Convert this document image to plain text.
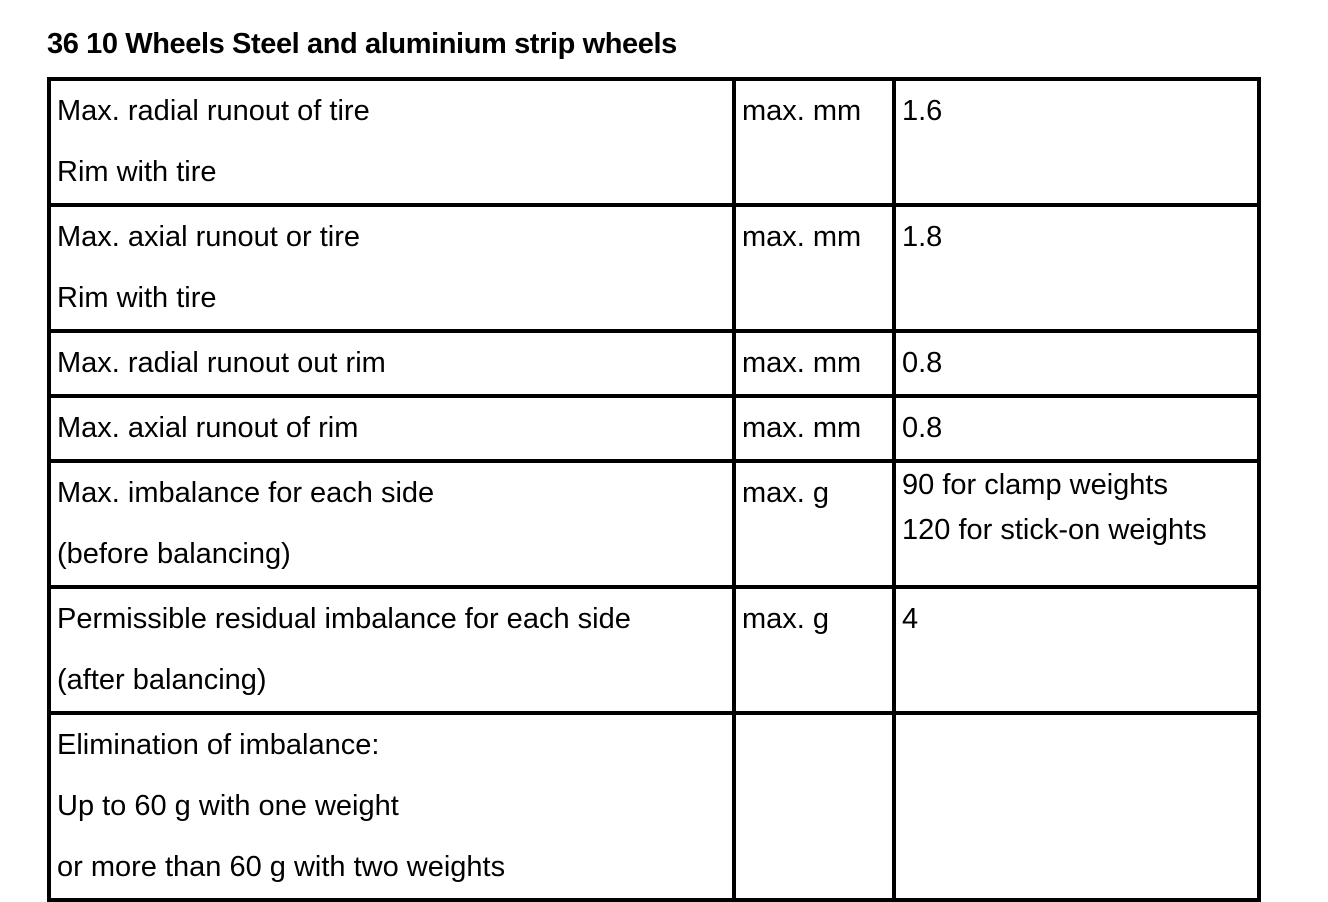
36 10 Wheels Steel and aluminium strip wheels
Max. radial runout of tire
Rim with tire	max. mm	1.6

Max. axial runout or tire
Rim with tire	max. mm	1.8

Max. radial runout out rim	max. mm	0.8

Max. axial runout of rim	max. mm	0.8

Max. imbalance for each side
(before balancing)	max. g	90 for clamp weights
120 for stick-on weights

Permissible residual imbalance for each side
(after balancing)	max. g	4

Elimination of imbalance:
Up to 60 g with one weight
or more than 60 g with two weights		
